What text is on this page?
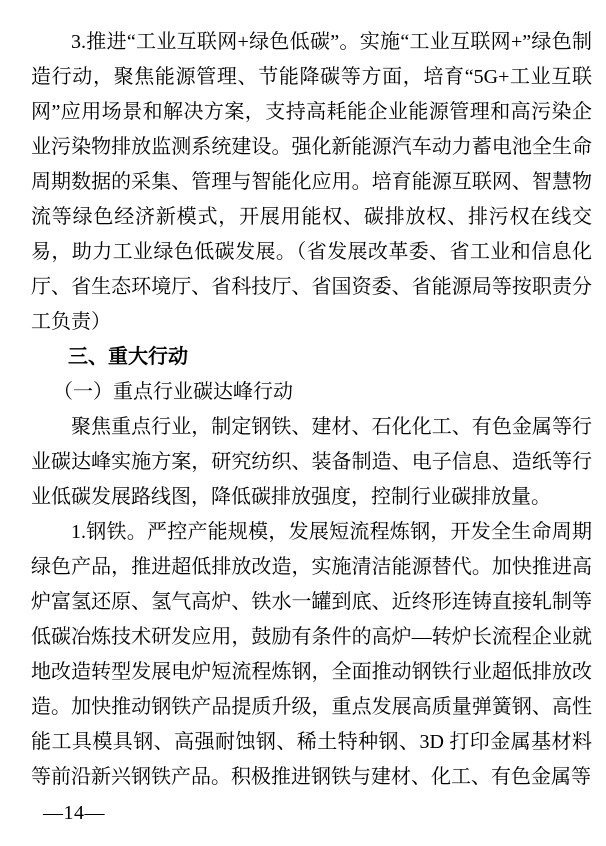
3.推进“工业互联网+绿色低碳”。实施“工业互联网+”绿色制造行动，聚焦能源管理、节能降碳等方面，培育“5G+工业互联网”应用场景和解决方案，支持高耗能企业能源管理和高污染企业污染物排放监测系统建设。强化新能源汽车动力蓄电池全生命周期数据的采集、管理与智能化应用。培育能源互联网、智慧物流等绿色经济新模式，开展用能权、碳排放权、排污权在线交易，助力工业绿色低碳发展。（省发展改革委、省工业和信息化厅、省生态环境厅、省科技厅、省国资委、省能源局等按职责分工负责）

三、重大行动
（一）重点行业碳达峰行动

聚焦重点行业，制定钢铁、建材、石化化工、有色金属等行业碳达峰实施方案，研究纺织、装备制造、电子信息、造纸等行业低碳发展路线图，降低碳排放强度，控制行业碳排放量。

1.钢铁。严控产能规模，发展短流程炼钢，开发全生命周期绿色产品，推进超低排放改造，实施清洁能源替代。加快推进高炉富氢还原、氢气高炉、铁水一罐到底、近终形连铸直接轧制等低碳冶炼技术研发应用，鼓励有条件的高炉—转炉长流程企业就地改造转型发展电炉短流程炼钢，全面推动钢铁行业超低排放改造。加快推动钢铁产品提质升级，重点发展高质量弹簧钢、高性能工具模具钢、高强耐蚀钢、稀土特种钢、3D 打印金属基材料等前沿新兴钢铁产品。积极推进钢铁与建材、化工、有色金属等

—14—
